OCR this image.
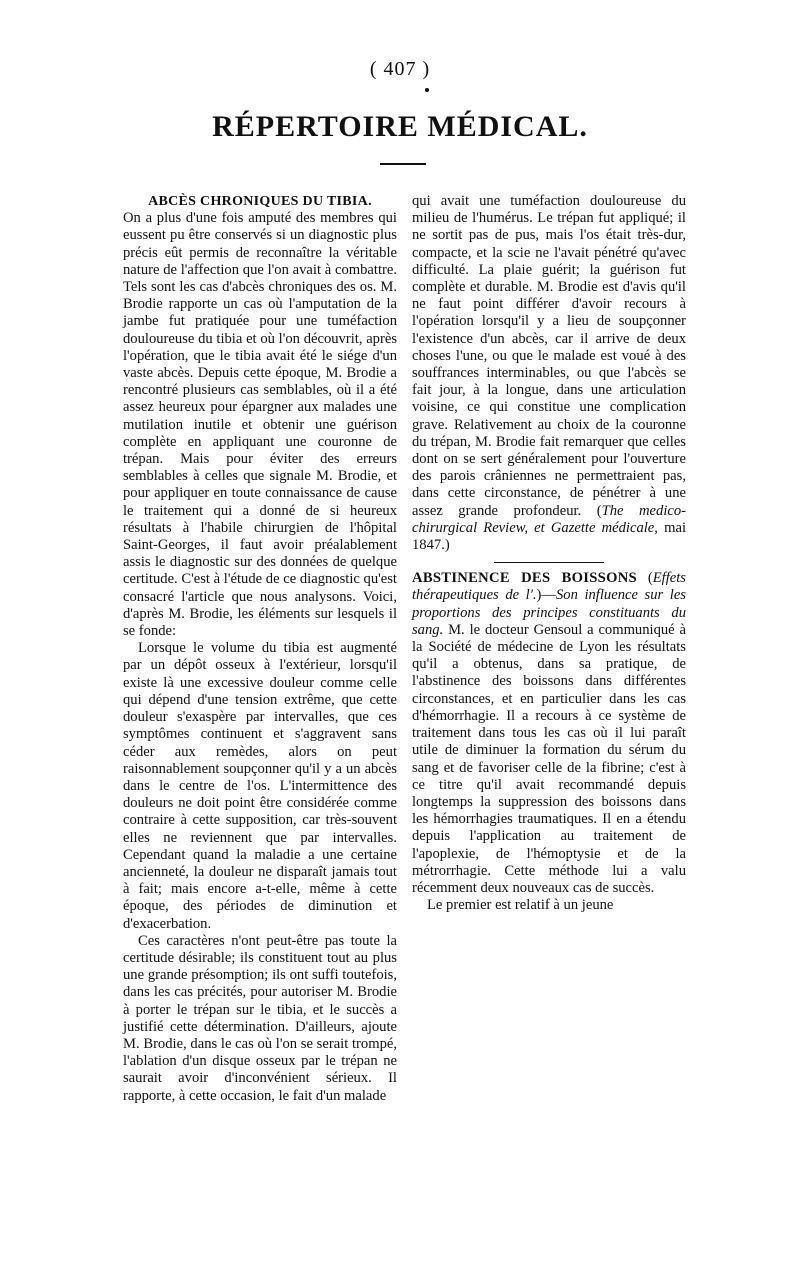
( 407 )
RÉPERTOIRE MÉDICAL.
ABCÈS CHRONIQUES DU TIBIA.

On a plus d'une fois amputé des membres qui eussent pu être conservés si un diagnostic plus précis eût permis de reconnaître la véritable nature de l'affection que l'on avait à combattre. Tels sont les cas d'abcès chroniques des os. M. Brodie rapporte un cas où l'amputation de la jambe fut pratiquée pour une tuméfaction douloureuse du tibia et où l'on découvrit, après l'opération, que le tibia avait été le siége d'un vaste abcès. Depuis cette époque, M. Brodie a rencontré plusieurs cas semblables, où il a été assez heureux pour épargner aux malades une mutilation inutile et obtenir une guérison complète en appliquant une couronne de trépan. Mais pour éviter des erreurs semblables à celles que signale M. Brodie, et pour appliquer en toute connaissance de cause le traitement qui a donné de si heureux résultats à l'habile chirurgien de l'hôpital Saint-Georges, il faut avoir préalablement assis le diagnostic sur des données de quelque certitude. C'est à l'étude de ce diagnostic qu'est consacré l'article que nous analysons. Voici, d'après M. Brodie, les éléments sur lesquels il se fonde:

Lorsque le volume du tibia est augmenté par un dépôt osseux à l'extérieur, lorsqu'il existe là une excessive douleur comme celle qui dépend d'une tension extrême, que cette douleur s'exaspère par intervalles, que ces symptômes continuent et s'aggravent sans céder aux remèdes, alors on peut raisonnablement soupçonner qu'il y a un abcès dans le centre de l'os. L'intermittence des douleurs ne doit point être considérée comme contraire à cette supposition, car très-souvent elles ne reviennent que par intervalles. Cependant quand la maladie a une certaine ancienneté, la douleur ne disparaît jamais tout à fait; mais encore a-t-elle, même à cette époque, des périodes de diminution et d'exacerbation.

Ces caractères n'ont peut-être pas toute la certitude désirable; ils constituent tout au plus une grande présomption; ils ont suffi toutefois, dans les cas précités, pour autoriser M. Brodie à porter le trépan sur le tibia, et le succès a justifié cette détermination. D'ailleurs, ajoute M. Brodie, dans le cas où l'on se serait trompé, l'ablation d'un disque osseux par le trépan ne saurait avoir d'inconvénient sérieux. Il rapporte, à cette occasion, le fait d'un malade

qui avait une tuméfaction douloureuse du milieu de l'humérus. Le trépan fut appliqué; il ne sortit pas de pus, mais l'os était très-dur, compacte, et la scie ne l'avait pénétré qu'avec difficulté. La plaie guérit; la guérison fut complète et durable. M. Brodie est d'avis qu'il ne faut point différer d'avoir recours à l'opération lorsqu'il y a lieu de soupçonner l'existence d'un abcès, car il arrive de deux choses l'une, ou que le malade est voué à des souffrances interminables, ou que l'abcès se fait jour, à la longue, dans une articulation voisine, ce qui constitue une complication grave. Relativement au choix de la couronne du trépan, M. Brodie fait remarquer que celles dont on se sert généralement pour l'ouverture des parois crâniennes ne permettraient pas, dans cette circonstance, de pénétrer à une assez grande profondeur. (The medico-chirurgical Review, et Gazette médicale, mai 1847.)

ABSTINENCE DES BOISSONS (Effets thérapeutiques de l'.)—Son influence sur les proportions des principes constituants du sang. M. le docteur Gensoul a communiqué à la Société de médecine de Lyon les résultats qu'il a obtenus, dans sa pratique, de l'abstinence des boissons dans différentes circonstances, et en particulier dans les cas d'hémorrhagie. Il a recours à ce système de traitement dans tous les cas où il lui paraît utile de diminuer la formation du sérum du sang et de favoriser celle de la fibrine; c'est à ce titre qu'il avait recommandé depuis longtemps la suppression des boissons dans les hémorrhagies traumatiques. Il en a étendu depuis l'application au traitement de l'apoplexie, de l'hémoptysie et de la métrorrhagie. Cette méthode lui a valu récemment deux nouveaux cas de succès.

Le premier est relatif à un jeune
